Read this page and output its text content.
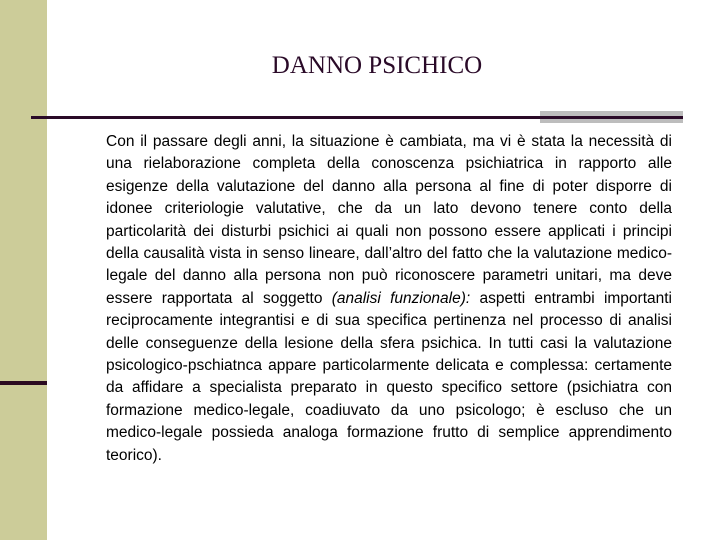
DANNO PSICHICO

Con il passare degli anni, la situazione è cambiata, ma vi è stata la necessità di una rielaborazione completa della conoscenza psichiatrica in rapporto alle esigenze della valutazione del danno alla persona al fine di poter disporre di idonee criteriologie valutative, che da un lato devono tenere conto della particolarità dei disturbi psichici ai quali non possono essere applicati i principi della causalità vista in senso lineare, dall’altro del fatto che la valutazione medico-legale del danno alla persona non può riconoscere parametri unitari, ma deve essere rapportata al soggetto (analisi funzionale): aspetti entrambi importanti reciprocamente integrantisi e di sua specifica pertinenza nel processo di analisi delle conseguenze della lesione della sfera psichica. In tutti casi la valutazione psicologico-pschiatnca appare particolarmente delicata e complessa: certamente da affidare a specialista preparato in questo specifico settore (psichiatra con formazione medico-legale, coadiuvato da uno psicologo; è escluso che un medico-legale possieda analoga formazione frutto di semplice apprendimento teorico).
